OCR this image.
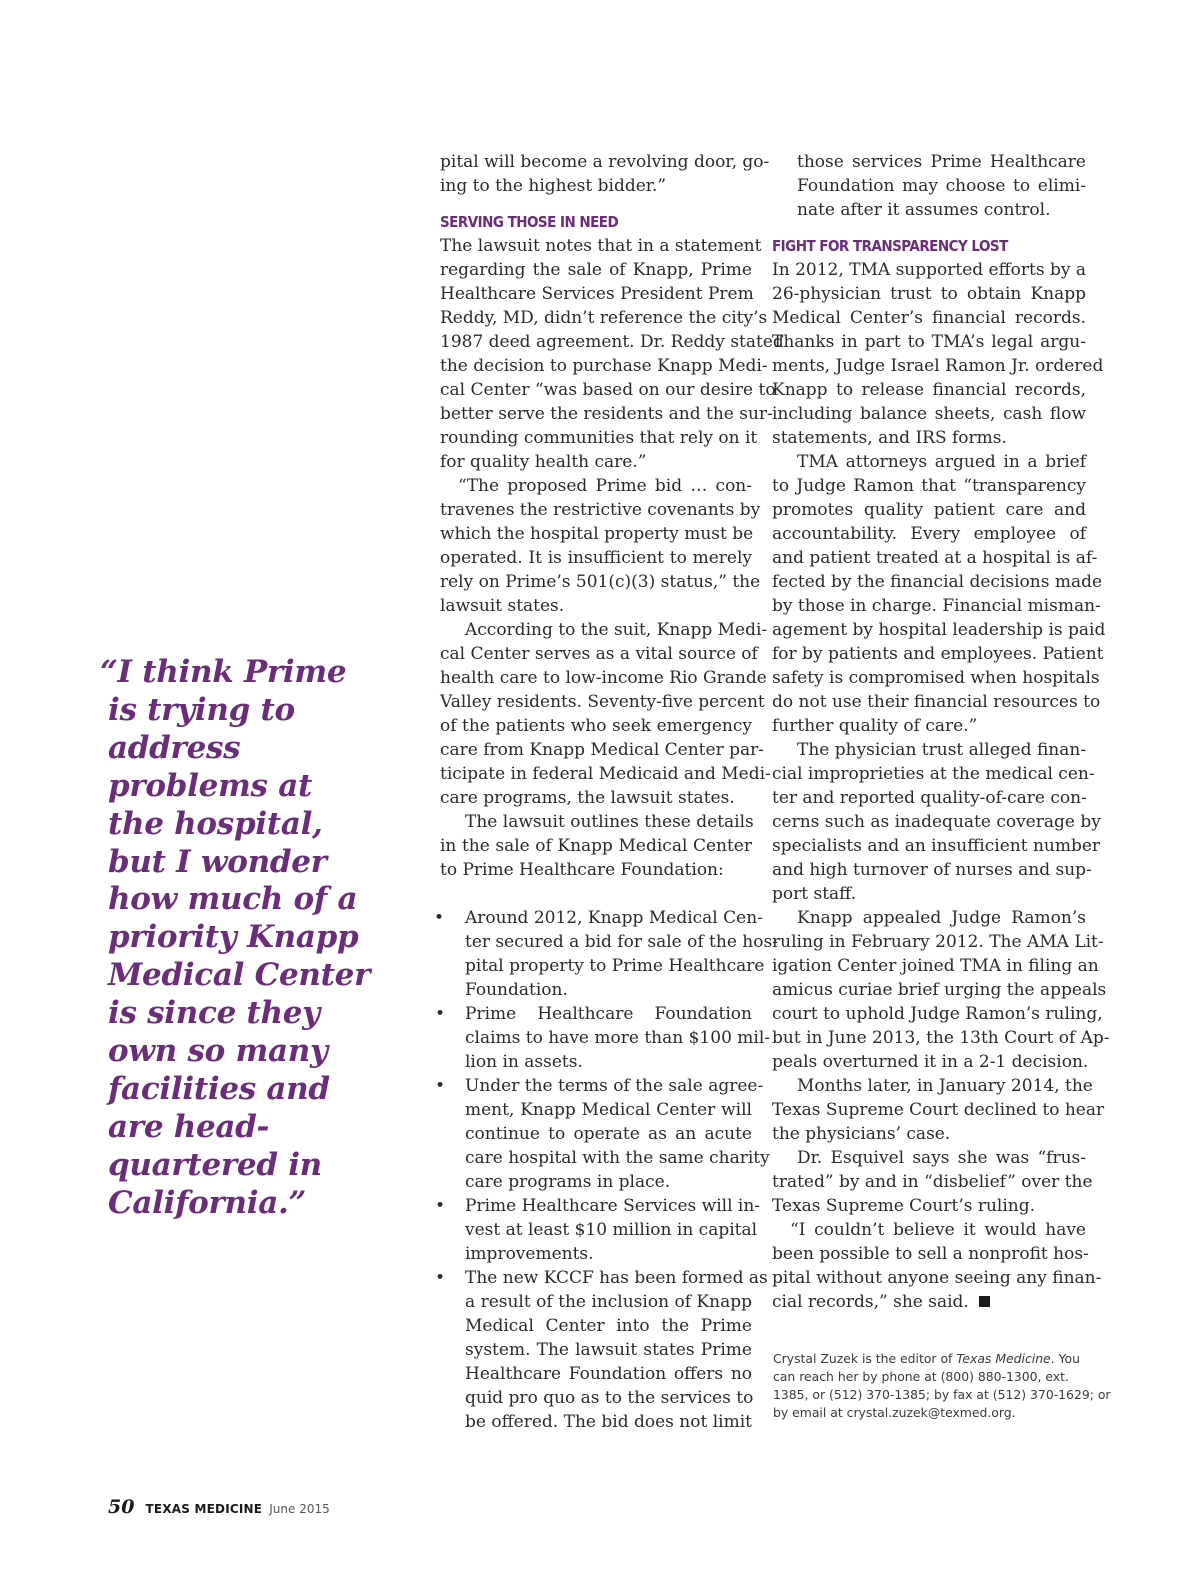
“I think Prime
is trying to
address
problems at
the hospital,
but I wonder
how much of a
priority Knapp
Medical Center
is since they
own so many
facilities and
are head-
quartered in
California.”
pital will become a revolving door, go-
ing to the highest bidder.”
SERVING THOSE IN NEED
The lawsuit notes that in a statement
regarding the sale of Knapp, Prime
Healthcare Services President Prem
Reddy, MD, didn’t reference the city’s
1987 deed agreement. Dr. Reddy stated
the decision to purchase Knapp Medi-
cal Center “was based on our desire to
better serve the residents and the sur-
rounding communities that rely on it
for quality health care.”
“The proposed Prime bid … con-
travenes the restrictive covenants by
which the hospital property must be
operated. It is insufficient to merely
rely on Prime’s 501(c)(3) status,” the
lawsuit states.
According to the suit, Knapp Medi-
cal Center serves as a vital source of
health care to low-income Rio Grande
Valley residents. Seventy-five percent
of the patients who seek emergency
care from Knapp Medical Center par-
ticipate in federal Medicaid and Medi-
care programs, the lawsuit states.
The lawsuit outlines these details
in the sale of Knapp Medical Center
to Prime Healthcare Foundation:
• Around 2012, Knapp Medical Cen-
ter secured a bid for sale of the hos-
pital property to Prime Healthcare
Foundation.
• Prime Healthcare Foundation
claims to have more than $100 mil-
lion in assets.
• Under the terms of the sale agree-
ment, Knapp Medical Center will
continue to operate as an acute
care hospital with the same charity
care programs in place.
• Prime Healthcare Services will in-
vest at least $10 million in capital
improvements.
• The new KCCF has been formed as
a result of the inclusion of Knapp
Medical Center into the Prime
system. The lawsuit states Prime
Healthcare Foundation offers no
quid pro quo as to the services to
be offered. The bid does not limit
those services Prime Healthcare
Foundation may choose to elimi-
nate after it assumes control.
FIGHT FOR TRANSPARENCY LOST
In 2012, TMA supported efforts by a
26-physician trust to obtain Knapp
Medical Center’s financial records.
Thanks in part to TMA’s legal argu-
ments, Judge Israel Ramon Jr. ordered
Knapp to release financial records,
including balance sheets, cash flow
statements, and IRS forms.
TMA attorneys argued in a brief
to Judge Ramon that “transparency
promotes quality patient care and
accountability. Every employee of
and patient treated at a hospital is af-
fected by the financial decisions made
by those in charge. Financial misman-
agement by hospital leadership is paid
for by patients and employees. Patient
safety is compromised when hospitals
do not use their financial resources to
further quality of care.”
The physician trust alleged finan-
cial improprieties at the medical cen-
ter and reported quality-of-care con-
cerns such as inadequate coverage by
specialists and an insufficient number
and high turnover of nurses and sup-
port staff.
Knapp appealed Judge Ramon’s
ruling in February 2012. The AMA Lit-
igation Center joined TMA in filing an
amicus curiae brief urging the appeals
court to uphold Judge Ramon’s ruling,
but in June 2013, the 13th Court of Ap-
peals overturned it in a 2-1 decision.
Months later, in January 2014, the
Texas Supreme Court declined to hear
the physicians’ case.
Dr. Esquivel says she was “frus-
trated” by and in “disbelief” over the
Texas Supreme Court’s ruling.
“I couldn’t believe it would have
been possible to sell a nonprofit hos-
pital without anyone seeing any finan-
cial records,” she said.
Crystal Zuzek is the editor of Texas Medicine. You
can reach her by phone at (800) 880-1300, ext.
1385, or (512) 370-1385; by fax at (512) 370-1629; or
by email at crystal.zuzek@texmed.org.
50 TEXAS MEDICINE June 2015
